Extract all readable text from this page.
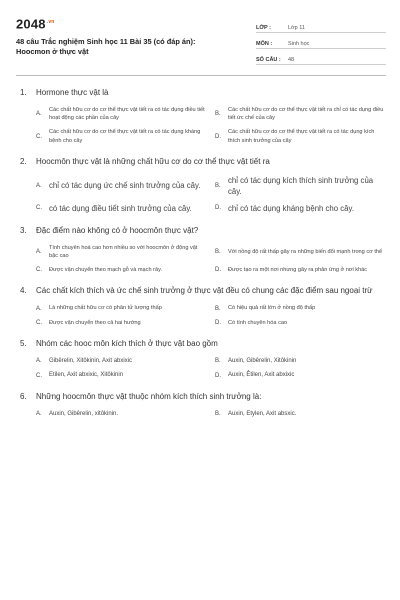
$2048^{.vn}$
48 câu Trắc nghiệm Sinh học 11 Bài 35 (có đáp án):
Hoocmon ở thực vật
LỚP :	Lớp 11
MÔN :	Sinh học
SỐ CÂU :	48
1.	Hormone thực vật là
A.
Các chất hữu cơ do cơ thể thực vật tiết ra có tác dụng điều tiết hoạt động các phần của cây
B.
Các chất hữu cơ do cơ thể thực vật tiết ra chỉ có tác dụng điều tiết ức chế của cây
C.
Các chất hữu cơ do cơ thể thực vật tiết ra có tác dụng kháng bệnh cho cây
D.
Các chất hữu cơ do cơ thể thực vật tiết ra có tác dụng kích thích sinh trưởng của cây
2.	Hoocmôn thực vật là những chất hữu cơ do cơ thể thực vật tiết ra
A. chỉ có tác dụng ức chế sinh trưởng của cây.	B.
chỉ có tác dụng kích thích sinh trưởng của cây.
C. có tác dụng điều tiết sinh trưởng của cây.	D. chỉ có tác dụng kháng bệnh cho cây.
3.	Đặc điểm nào không có ở hoocmôn thực vật?
A.
Tính chuyên hoá cao hơn nhiều so với hoocmôn ở động vật bậc cao
B.	Với nồng độ rất thấp gây ra những biến đổi mạnh trong cơ thể
C.	Được vận chuyển theo mạch gỗ và mạch rây.	D.	Được tạo ra một nơi nhưng gây ra phản ứng ở nơi khác
4.	Các chất kích thích và ức chế sinh trưởng ở thực vật đều có chung các đặc điểm sau ngoại trừ
A.	Là những chất hữu cơ có phân tử lượng thấp	B.	Có hiệu quả rất lớn ở nồng độ thấp
C.	Được vận chuyển theo cả hai hướng	D.	Có tính chuyên hóa cao
5.	Nhóm các hooc môn kích thích ở thực vật bao gồm
A.	Gibêrelin, Xitôkinin, Axit abxixic	B.	Auxin, Gibêrelin, Xitôkinin
C.	Etilen, Axit abxixic, Xitôkinin	D.	Auxin, Êtilen, Axit abxixic
6.	Những hoocmôn thực vật thuộc nhóm kích thích sinh trưởng là:
A.	Auxin, Gibêrelin, xitôkinin.	B.	Auxin, Etylen, Axit absxic.
